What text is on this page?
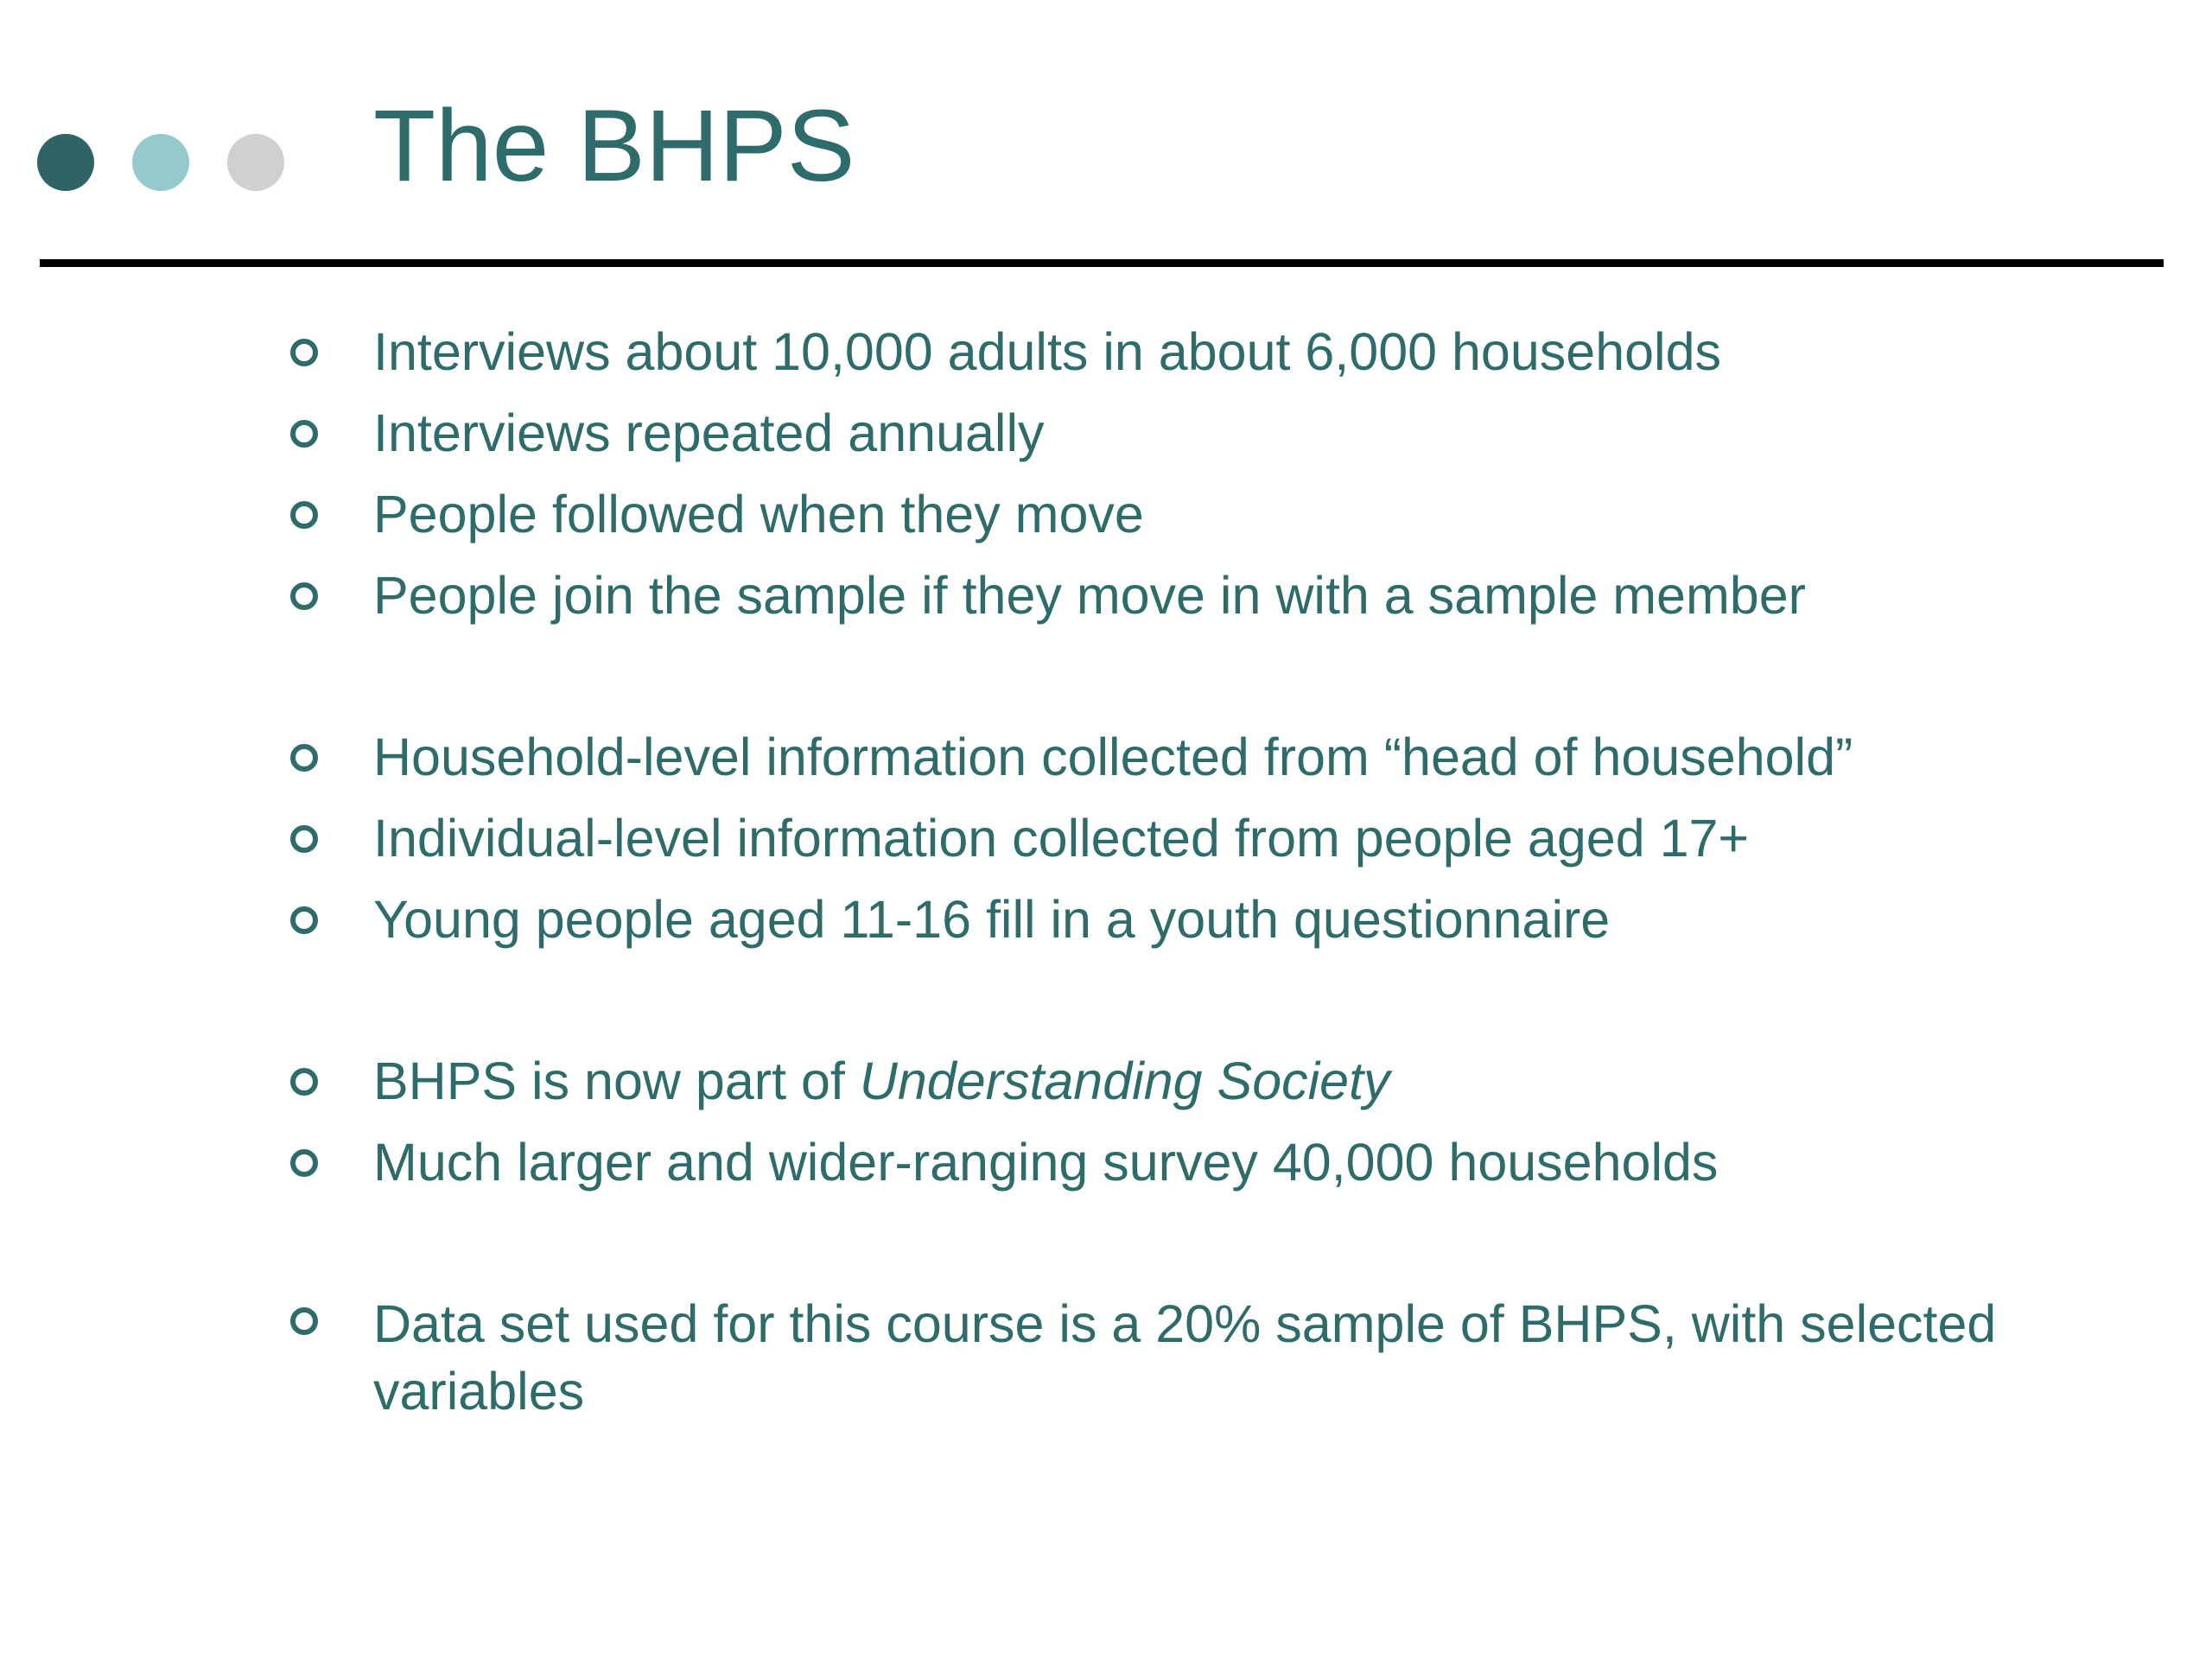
The BHPS
Interviews about 10,000 adults in about 6,000 households
Interviews repeated annually
People followed when they move
People join the sample if they move in with a sample member
Household-level information collected from “head of household”
Individual-level information collected from people aged 17+
Young people aged 11-16 fill in a youth questionnaire
BHPS is now part of Understanding Society
Much larger and wider-ranging survey 40,000 households
Data set used for this course is a 20% sample of BHPS, with selected variables
